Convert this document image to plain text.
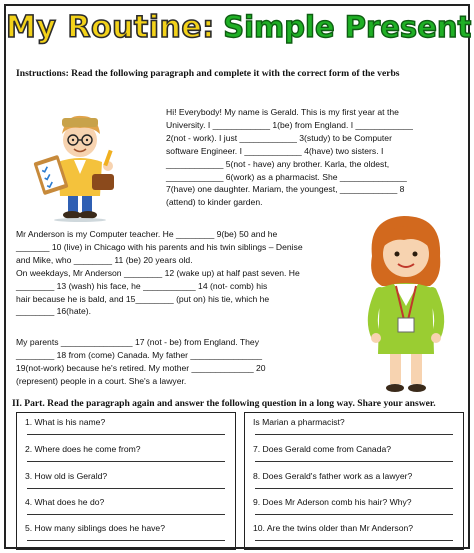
My Routine: Simple Present
Instructions: Read the following paragraph and complete it with the correct form of the verbs
Hi! Everybody! My name is Gerald. This is my first year at the
University. I ____________ 1(be) from England. I ____________
2(not - work). I just ____________ 3(study) to be Computer
software Engineer. I ____________ 4(have) two sisters. I
____________ 5(not - have) any brother. Karla, the oldest,
____________ 6(work) as a pharmacist. She ______________
7(have) one daughter. Mariam, the youngest, ____________ 8
(attend) to kinder garden.
Mr Anderson is my Computer teacher. He ________ 9(be) 50 and he
_______ 10 (live) in Chicago with his parents and his twin siblings – Denise
and Mike, who ________ 11 (be) 20 years old.
On weekdays, Mr Anderson ________ 12 (wake up) at half past seven. He
________ 13 (wash) his face, he ___________ 14 (not- comb) his
hair because he is bald, and 15________ (put on) his tie, which he
________ 16(hate).
My parents _______________ 17 (not - be) from England. They
________ 18 from (come) Canada. My father _______________
19(not-work) because he's retired. My mother _____________ 20
(represent) people in a court. She's a lawyer.
II. Part. Read the paragraph again and answer the following question in a long way. Share your answer.
1. What is his name?
2. Where does he come from?
3. How old is Gerald?
4. What does he do?
5. How many siblings does he have?
Is Marian a pharmacist?
7. Does Gerald come from Canada?
8. Does Gerald's father work as a lawyer?
9. Does Mr Aderson comb his hair? Why?
10. Are the twins older than Mr Anderson?
